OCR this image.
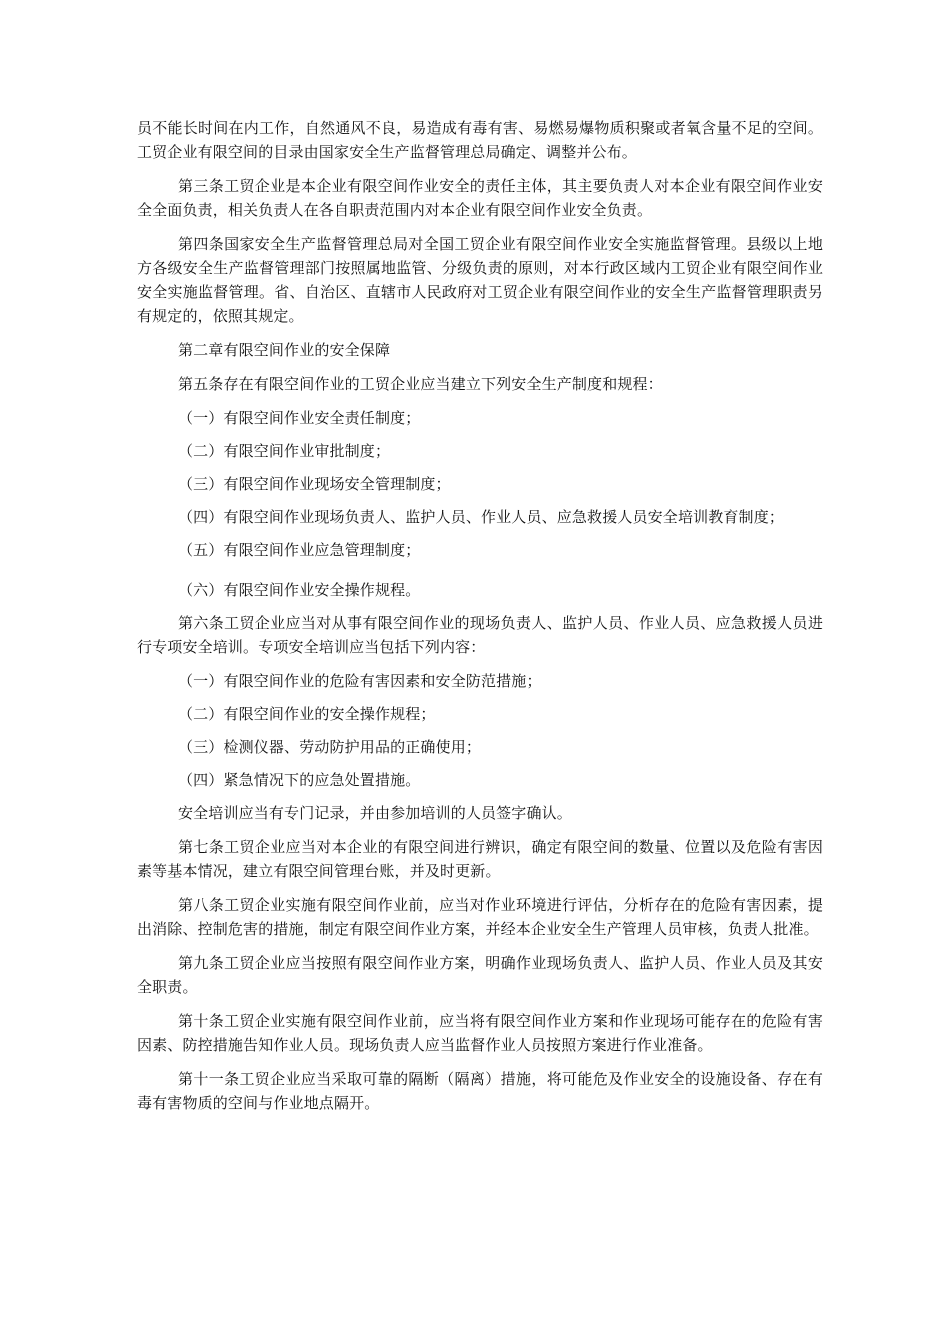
员不能长时间在内工作，自然通风不良，易造成有毒有害、易燃易爆物质积聚或者氧含量不足的空间。工贸企业有限空间的目录由国家安全生产监督管理总局确定、调整并公布。

第三条工贸企业是本企业有限空间作业安全的责任主体，其主要负责人对本企业有限空间作业安全全面负责，相关负责人在各自职责范围内对本企业有限空间作业安全负责。

第四条国家安全生产监督管理总局对全国工贸企业有限空间作业安全实施监督管理。县级以上地方各级安全生产监督管理部门按照属地监管、分级负责的原则，对本行政区域内工贸企业有限空间作业安全实施监督管理。省、自治区、直辖市人民政府对工贸企业有限空间作业的安全生产监督管理职责另有规定的，依照其规定。

第二章有限空间作业的安全保障

第五条存在有限空间作业的工贸企业应当建立下列安全生产制度和规程：

（一）有限空间作业安全责任制度；

（二）有限空间作业审批制度；

（三）有限空间作业现场安全管理制度；

（四）有限空间作业现场负责人、监护人员、作业人员、应急救援人员安全培训教育制度；

（五）有限空间作业应急管理制度；

（六）有限空间作业安全操作规程。

第六条工贸企业应当对从事有限空间作业的现场负责人、监护人员、作业人员、应急救援人员进行专项安全培训。专项安全培训应当包括下列内容：

（一）有限空间作业的危险有害因素和安全防范措施；

（二）有限空间作业的安全操作规程；

（三）检测仪器、劳动防护用品的正确使用；

（四）紧急情况下的应急处置措施。

安全培训应当有专门记录，并由参加培训的人员签字确认。

第七条工贸企业应当对本企业的有限空间进行辨识，确定有限空间的数量、位置以及危险有害因素等基本情况，建立有限空间管理台账，并及时更新。

第八条工贸企业实施有限空间作业前，应当对作业环境进行评估，分析存在的危险有害因素，提出消除、控制危害的措施，制定有限空间作业方案，并经本企业安全生产管理人员审核，负责人批准。

第九条工贸企业应当按照有限空间作业方案，明确作业现场负责人、监护人员、作业人员及其安全职责。

第十条工贸企业实施有限空间作业前，应当将有限空间作业方案和作业现场可能存在的危险有害因素、防控措施告知作业人员。现场负责人应当监督作业人员按照方案进行作业准备。

第十一条工贸企业应当采取可靠的隔断（隔离）措施，将可能危及作业安全的设施设备、存在有毒有害物质的空间与作业地点隔开。
